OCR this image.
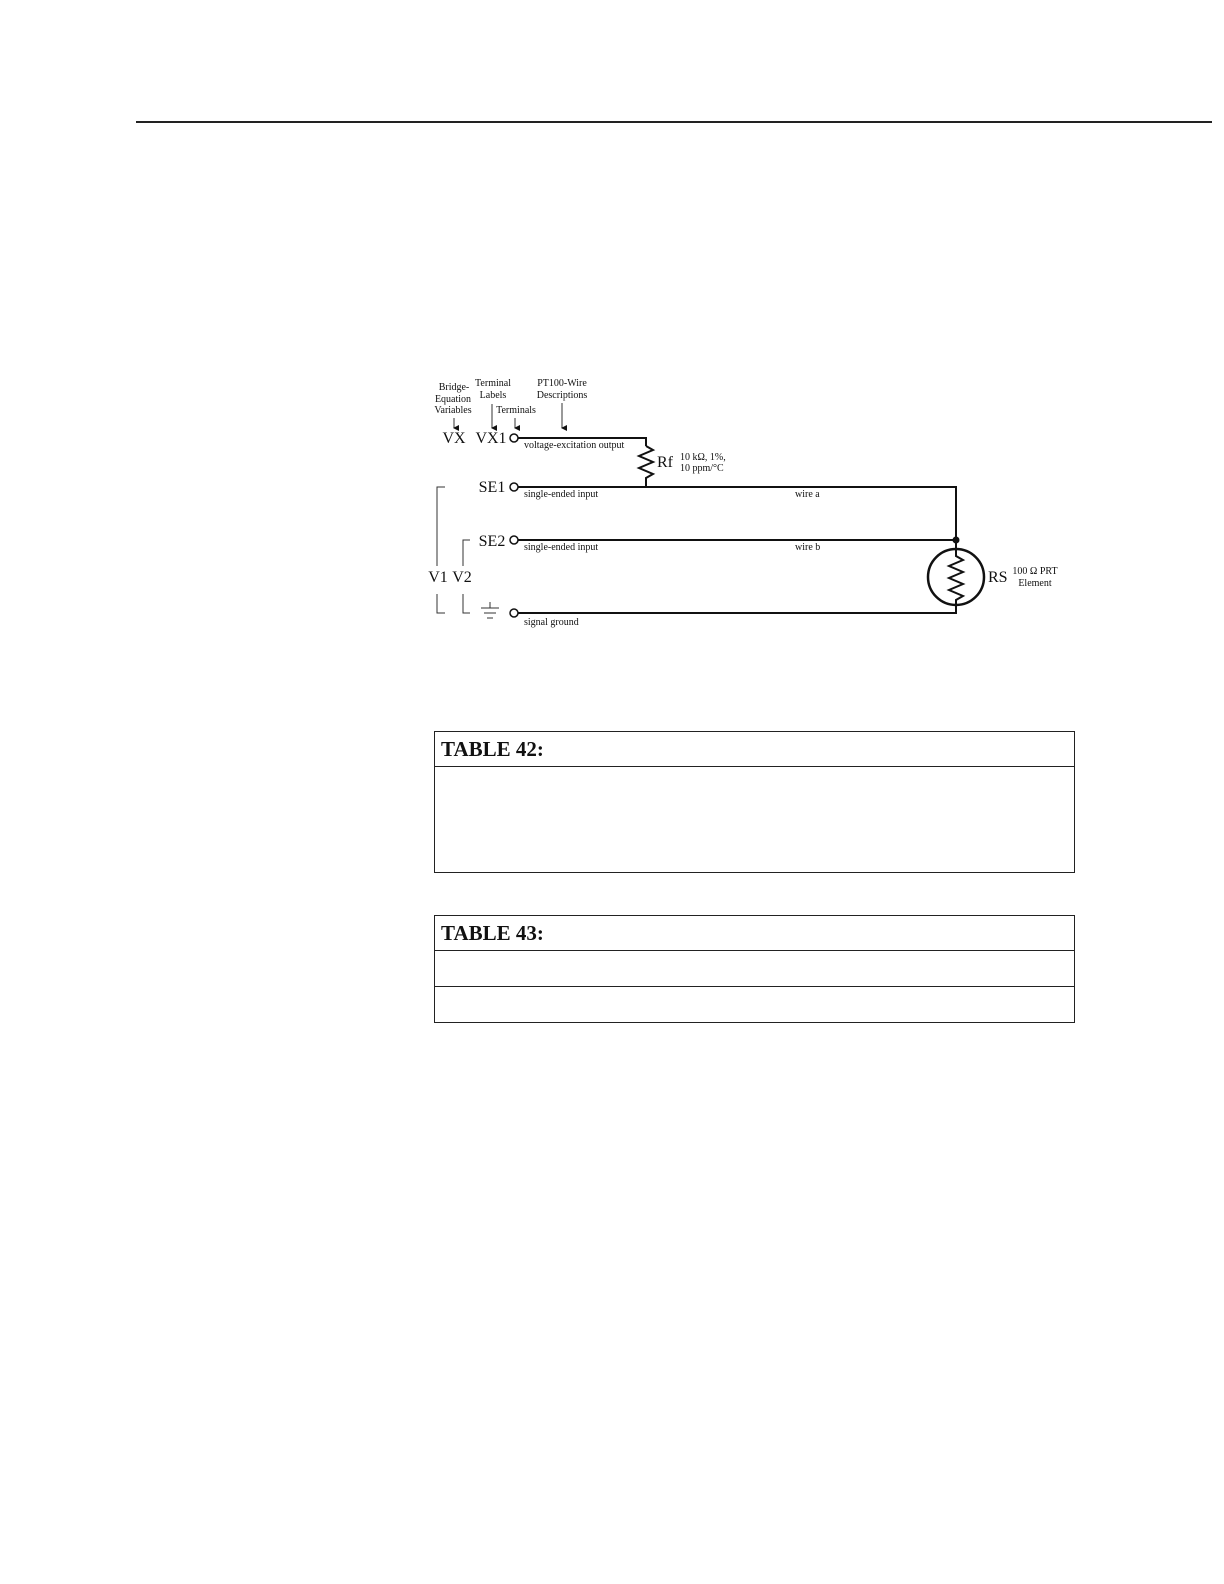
Bridge-
Equation
Variables
Terminal
Labels
Terminals
PT100-Wire
Descriptions
VX VX1
SE1
SE2
V1 V2
voltage-excitation output
single-ended input
single-ended input
signal ground
wire a
wire b
Rf 10 kΩ, 1%,
10 ppm/°C
RS 100 Ω PRT
Element
TABLE 42:
TABLE 43:
